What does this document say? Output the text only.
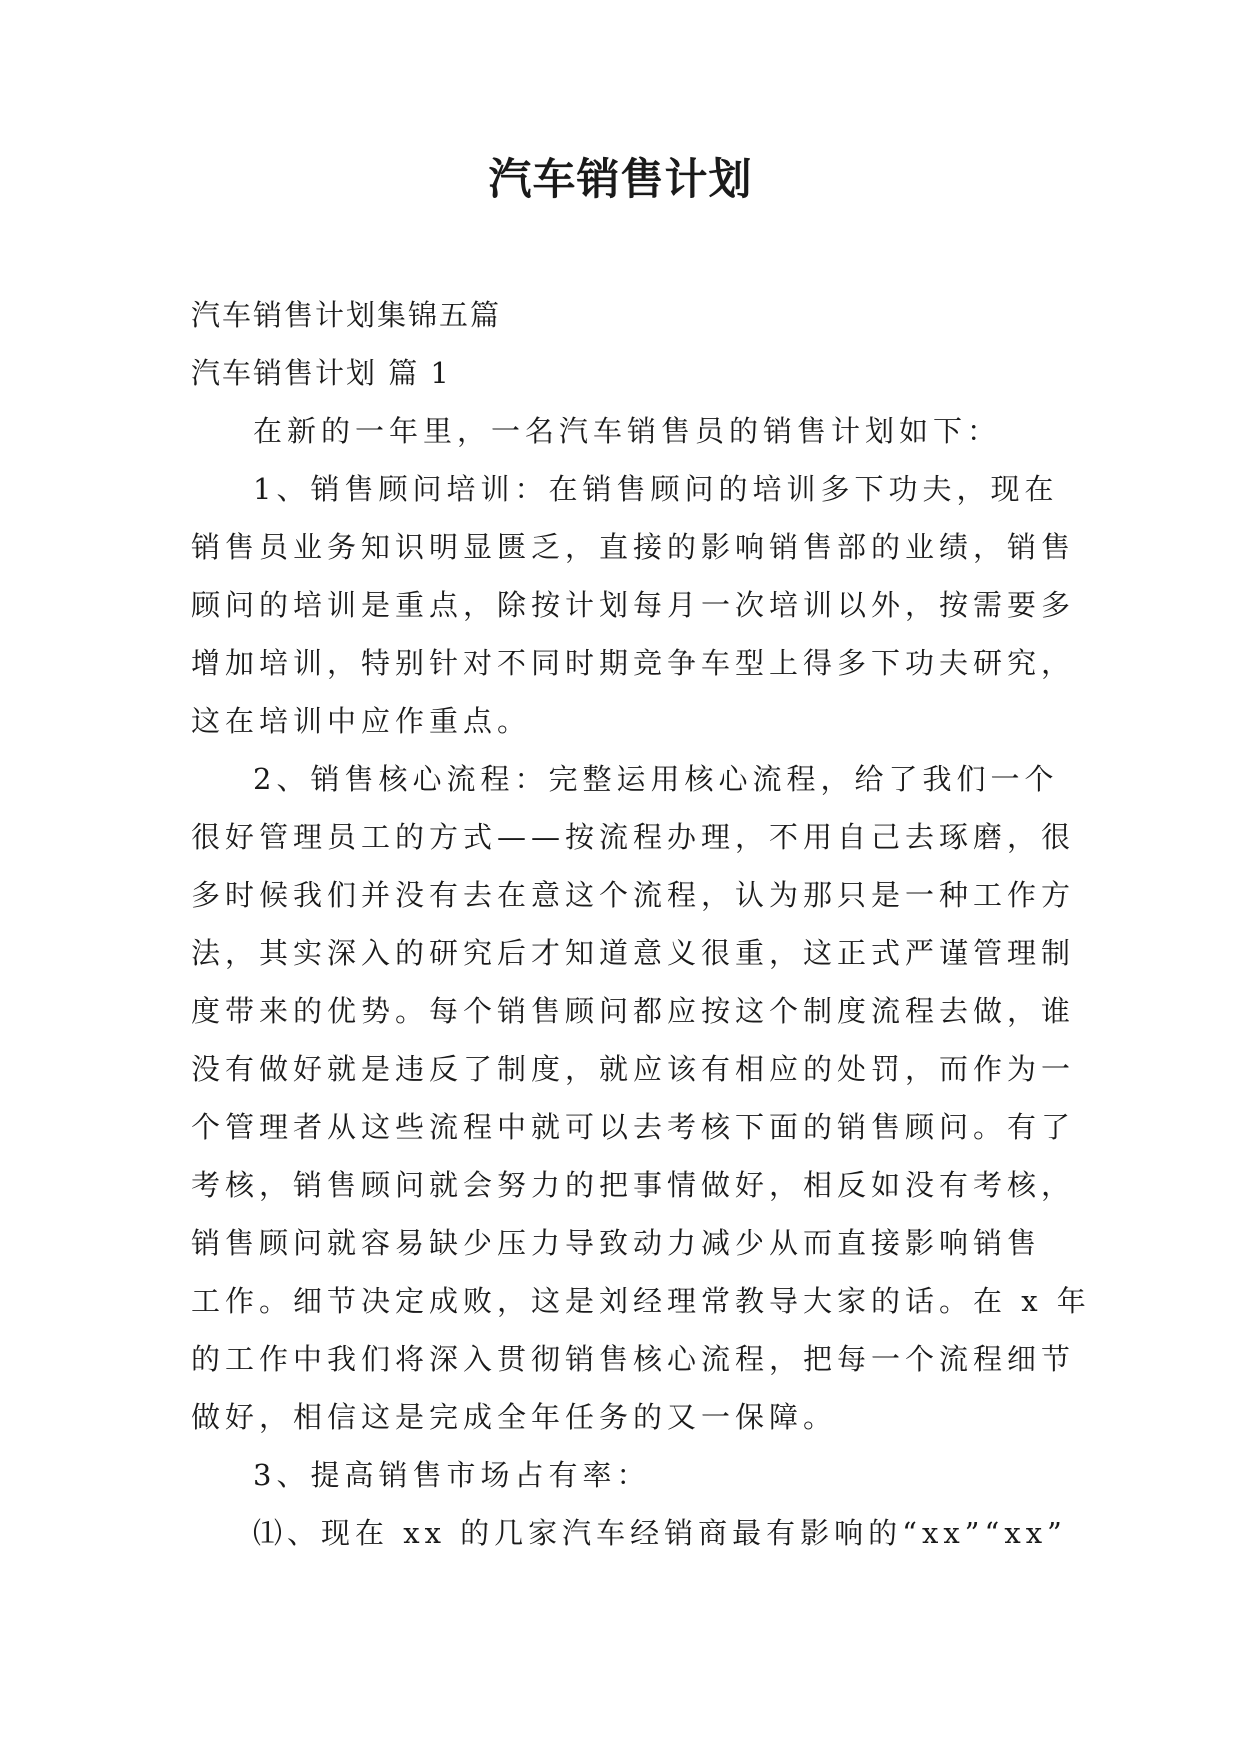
汽车销售计划
汽车销售计划集锦五篇
汽车销售计划 篇 1
在新的一年里，一名汽车销售员的销售计划如下：
1、销售顾问培训：在销售顾问的培训多下功夫，现在
销售员业务知识明显匮乏，直接的影响销售部的业绩，销售
顾问的培训是重点，除按计划每月一次培训以外，按需要多
增加培训，特别针对不同时期竞争车型上得多下功夫研究，
这在培训中应作重点。
2、销售核心流程：完整运用核心流程，给了我们一个
很好管理员工的方式——按流程办理，不用自己去琢磨，很
多时候我们并没有去在意这个流程，认为那只是一种工作方
法，其实深入的研究后才知道意义很重，这正式严谨管理制
度带来的优势。每个销售顾问都应按这个制度流程去做，谁
没有做好就是违反了制度，就应该有相应的处罚，而作为一
个管理者从这些流程中就可以去考核下面的销售顾问。有了
考核，销售顾问就会努力的把事情做好，相反如没有考核，
销售顾问就容易缺少压力导致动力减少从而直接影响销售
工作。细节决定成败，这是刘经理常教导大家的话。在 x 年
的工作中我们将深入贯彻销售核心流程，把每一个流程细节
做好，相信这是完成全年任务的又一保障。
3、提高销售市场占有率：
⑴、现在 xx 的几家汽车经销商最有影响的“xx”“xx”
